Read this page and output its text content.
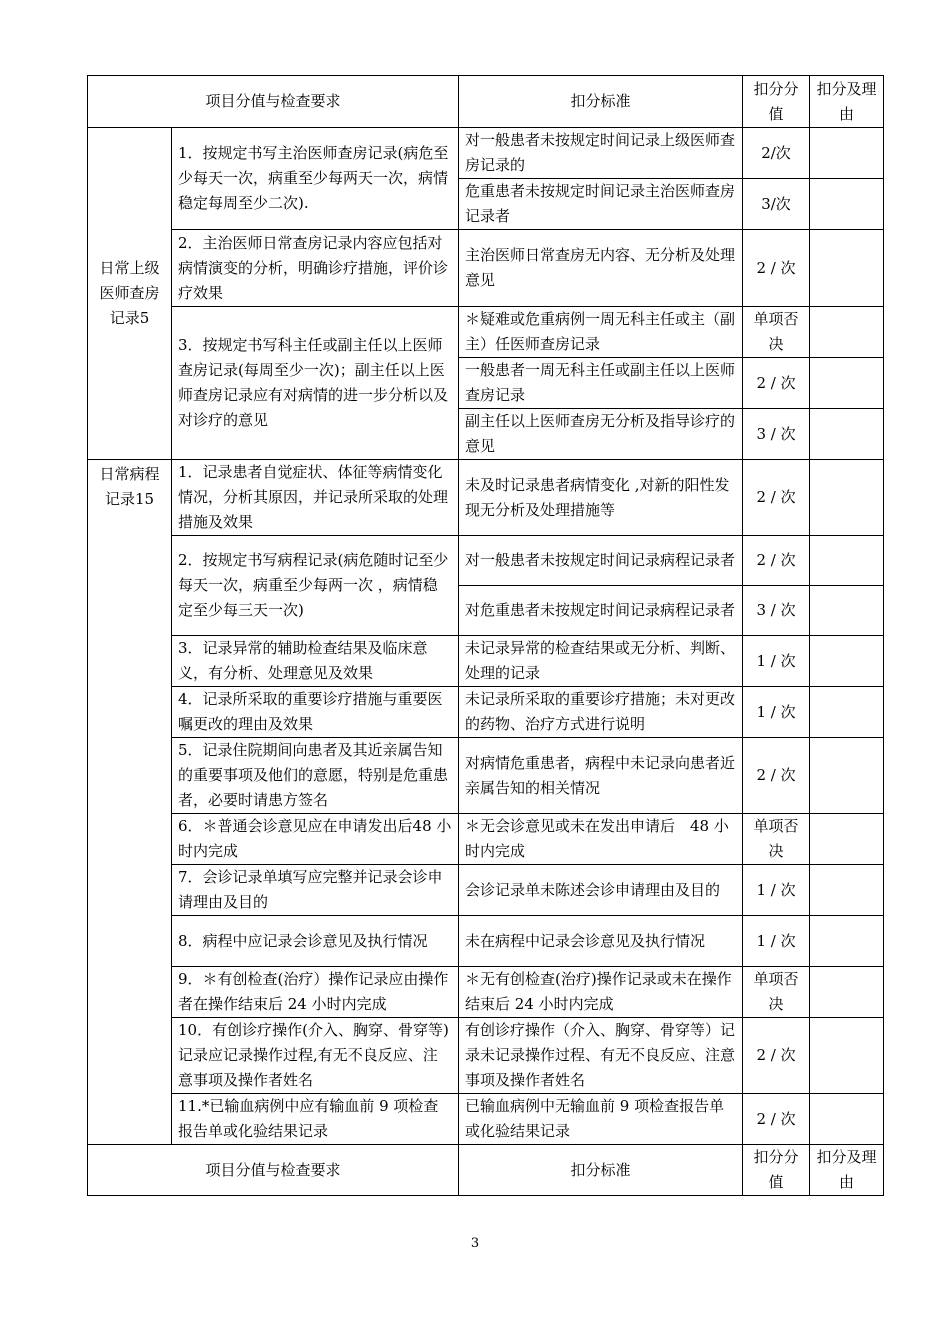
项目分值与检查要求		扣分标准	扣分分值	扣分及理由
日常上级医师查房记录5	1．按规定书写主治医师查房记录(病危至少每天一次，病重至少每两天一次，病情稳定每周至少二次).	对一般患者未按规定时间记录上级医师查房记录的	2/次	
		危重患者未按规定时间记录主治医师查房记录者	3/次	
	2．主治医师日常查房记录内容应包括对病情演变的分析，明确诊疗措施，评价诊疗效果	主治医师日常查房无内容、无分析及处理意见	2 / 次	
	3．按规定书写科主任或副主任以上医师查房记录(每周至少一次)；副主任以上医师查房记录应有对病情的进一步分析以及对诊疗的意见	＊疑难或危重病例一周无科主任或主（副主）任医师查房记录	单项否决	
		一般患者一周无科主任或副主任以上医师查房记录	2 / 次	
		副主任以上医师查房无分析及指导诊疗的意见	3 / 次	

日常病程记录15	1．记录患者自觉症状、体征等病情变化情况，分析其原因，并记录所采取的处理措施及效果	未及时记录患者病情变化 ,对新的阳性发现无分析及处理措施等	2 / 次	
	2．按规定书写病程记录(病危随时记至少每天一次，病重至少每两一次 ，病情稳定至少每三天一次)	对一般患者未按规定时间记录病程记录者	2 / 次	
		对危重患者未按规定时间记录病程记录者	3 / 次	
	3．记录异常的辅助检查结果及临床意义，有分析、处理意见及效果	未记录异常的检查结果或无分析、判断、处理的记录	1 / 次	
	4．记录所采取的重要诊疗措施与重要医嘱更改的理由及效果	未记录所采取的重要诊疗措施；未对更改的药物、治疗方式进行说明	1 / 次	
	5．记录住院期间向患者及其近亲属告知的重要事项及他们的意愿，特别是危重患者，必要时请患方签名	对病情危重患者，病程中未记录向患者近亲属告知的相关情况	2 / 次	
	6．＊普通会诊意见应在申请发出后48 小时内完成	＊无会诊意见或未在发出申请后　48 小时内完成	单项否决	
	7．会诊记录单填写应完整并记录会诊申请理由及目的	会诊记录单未陈述会诊申请理由及目的	1 / 次	
	8．病程中应记录会诊意见及执行情况	未在病程中记录会诊意见及执行情况	1 / 次	
	9．＊有创检查(治疗）操作记录应由操作者在操作结束后 24 小时内完成	＊无有创检查(治疗)操作记录或未在操作结束后 24 小时内完成	单项否决	
	10．有创诊疗操作(介入、胸穿、骨穿等) 记录应记录操作过程,有无不良反应、注意事项及操作者姓名	有创诊疗操作（介入、胸穿、骨穿等）记录未记录操作过程、有无不良反应、注意事项及操作者姓名	2 / 次	
	11.*已输血病例中应有输血前 9 项检查报告单或化验结果记录	已输血病例中无输血前 9 项检查报告单或化验结果记录	2 / 次	
项目分值与检查要求		扣分标准	扣分分值	扣分及理由
3
